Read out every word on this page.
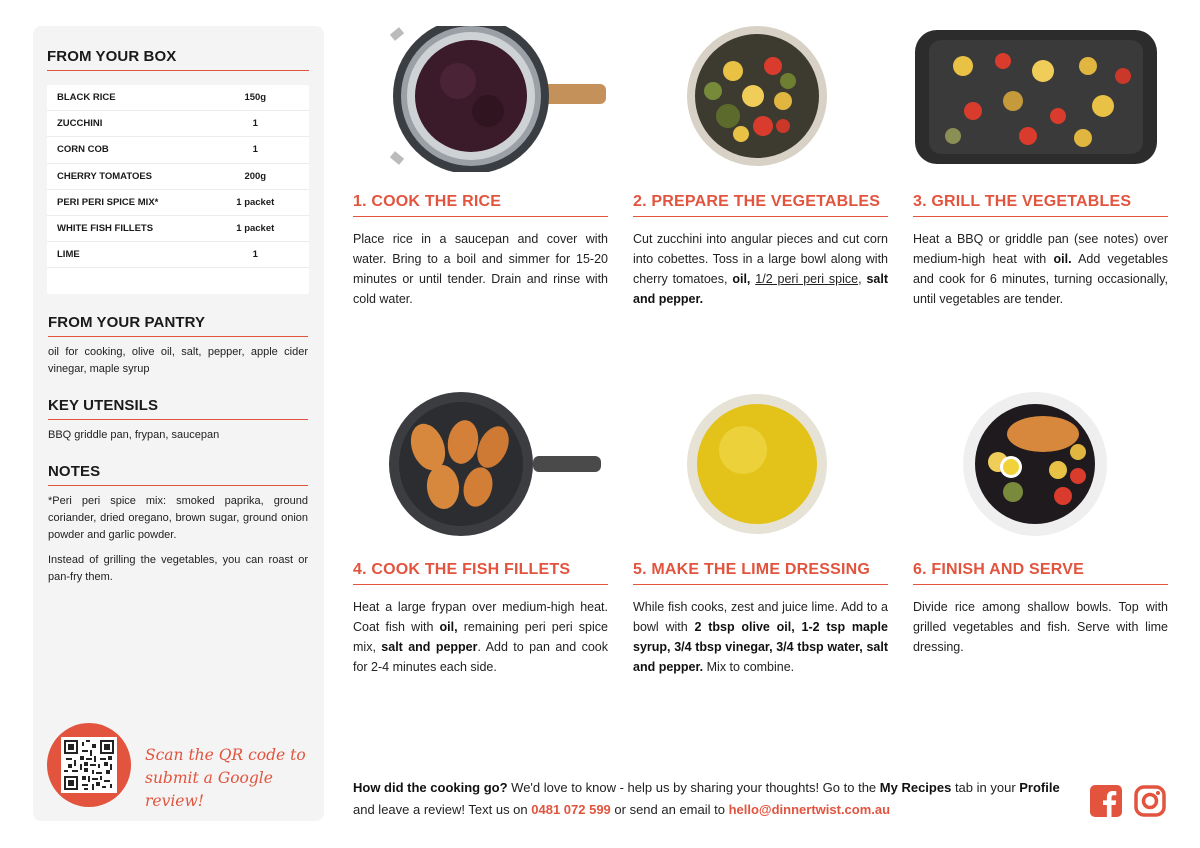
FROM YOUR BOX
BLACK RICE	150g
ZUCCHINI	1
CORN COB	1
CHERRY TOMATOES	200g
PERI PERI SPICE MIX*	1 packet
WHITE FISH FILLETS	1 packet
LIME	1
FROM YOUR PANTRY
oil for cooking, olive oil, salt, pepper, apple cider vinegar, maple syrup
KEY UTENSILS
BBQ griddle pan, frypan, saucepan
NOTES

*Peri peri spice mix: smoked paprika, ground coriander, dried oregano, brown sugar, ground onion powder and garlic powder.

Instead of grilling the vegetables, you can roast or pan-fry them.

Scan the QR code to
submit a Google review!
1. COOK THE RICE
Place rice in a saucepan and cover with water. Bring to a boil and simmer for 15-20 minutes or until tender. Drain and rinse with cold water.
2. PREPARE THE VEGETABLES
Cut zucchini into angular pieces and cut corn into cobettes. Toss in a large bowl along with cherry tomatoes, oil, 1/2 peri peri spice, salt and pepper.
3. GRILL THE VEGETABLES
Heat a BBQ or griddle pan (see notes) over medium-high heat with oil. Add vegetables and cook for 6 minutes, turning occasionally, until vegetables are tender.
4. COOK THE FISH FILLETS
Heat a large frypan over medium-high heat. Coat fish with oil, remaining peri peri spice mix, salt and pepper. Add to pan and cook for 2-4 minutes each side.
5. MAKE THE LIME DRESSING
While fish cooks, zest and juice lime. Add to a bowl with 2 tbsp olive oil, 1-2 tsp maple syrup, 3/4 tbsp vinegar, 3/4 tbsp water, salt and pepper. Mix to combine.
6. FINISH AND SERVE
Divide rice among shallow bowls. Top with grilled vegetables and fish. Serve with lime dressing.
How did the cooking go? We'd love to know - help us by sharing your thoughts! Go to the My Recipes tab in your Profile and leave a review! Text us on 0481 072 599 or send an email to hello@dinnertwist.com.au
